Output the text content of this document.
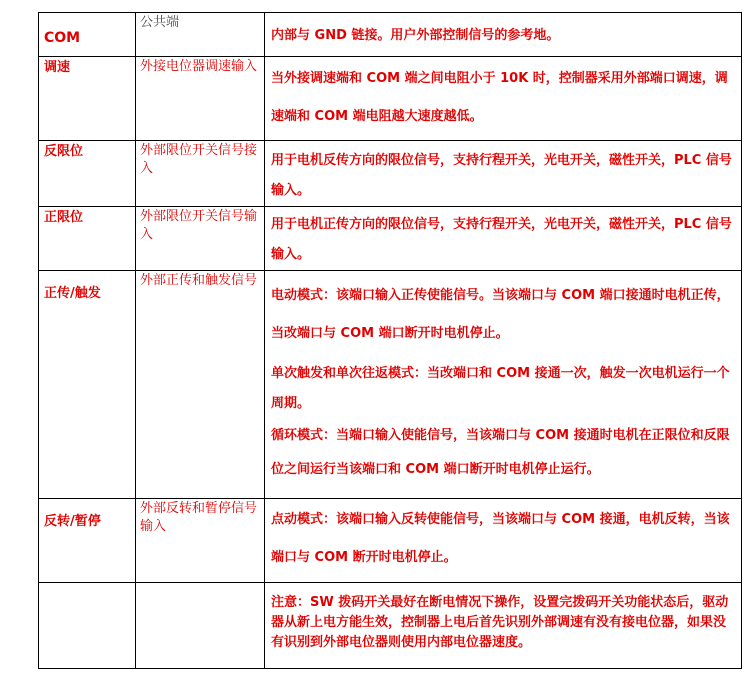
COM	公共端	内部与 GND 链接。用户外部控制信号的参考地。

调速	外接电位器调速输入	当外接调速端和 COM 端之间电阻小于 10K 时，控制器采用外部端口调速，调速端和 COM 端电阻越大速度越低。

反限位	外部限位开关信号接入	用于电机反传方向的限位信号，支持行程开关，光电开关，磁性开关，PLC 信号输入。

正限位	外部限位开关信号输入	用于电机正传方向的限位信号，支持行程开关，光电开关，磁性开关，PLC 信号输入。

正传/触发	外部正传和触发信号	电动模式：该端口输入正传使能信号。当该端口与 COM 端口接通时电机正传，当改端口与 COM 端口断开时电机停止。

单次触发和单次往返模式：当改端口和 COM 接通一次，触发一次电机运行一个周期。

循环模式：当端口输入使能信号，当该端口与 COM 接通时电机在正限位和反限位之间运行当该端口和 COM 端口断开时电机停止运行。

反转/暂停	外部反转和暂停信号输入	点动模式：该端口输入反转使能信号，当该端口与 COM 接通，电机反转，当该端口与 COM 断开时电机停止。

		注意：SW 拨码开关最好在断电情况下操作，设置完拨码开关功能状态后，驱动器从新上电方能生效，控制器上电后首先识别外部调速有没有接电位器，如果没有识别到外部电位器则使用内部电位器速度。
